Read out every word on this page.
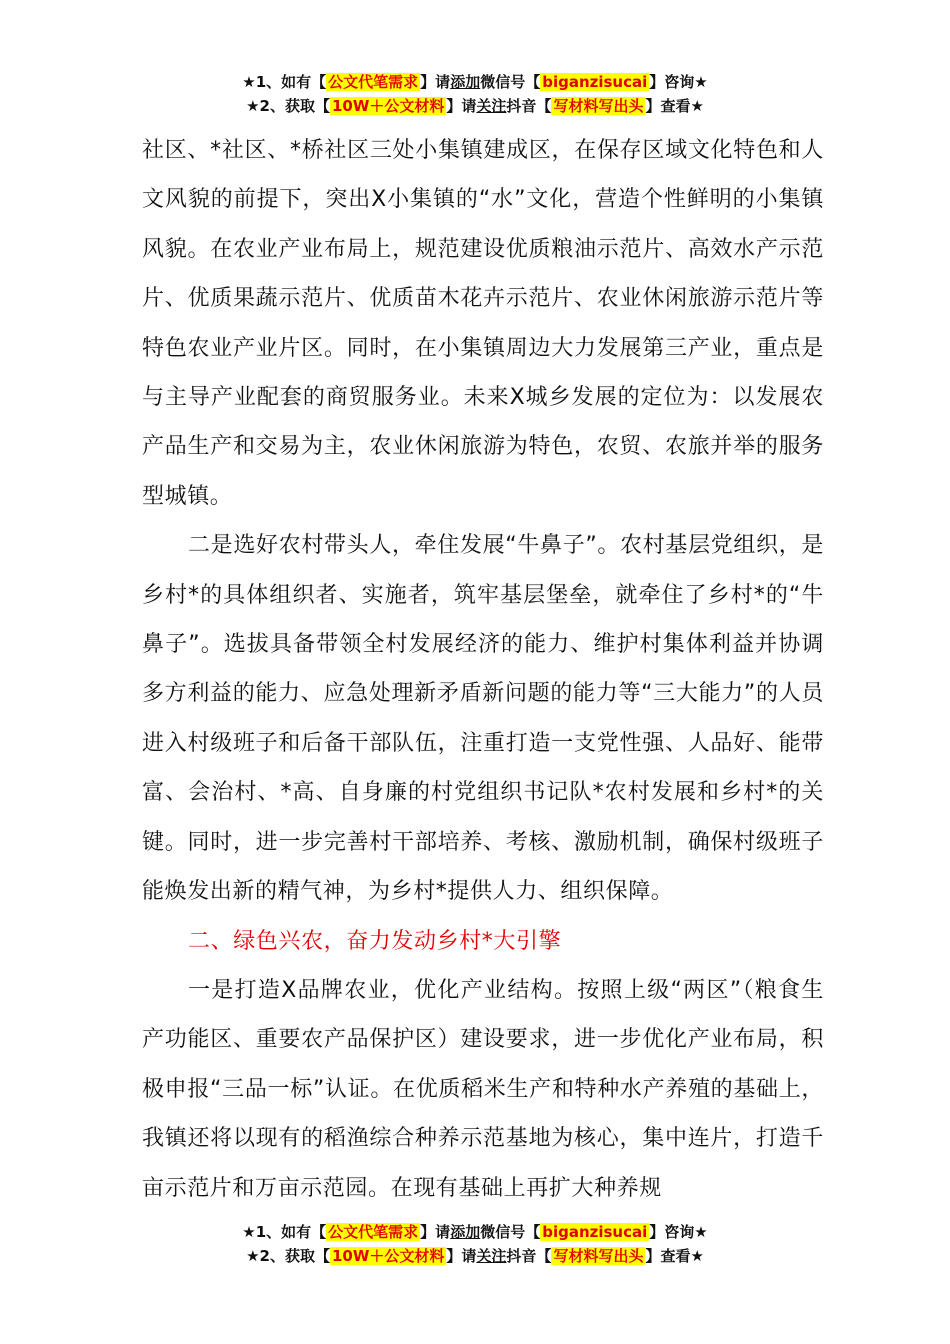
★1、如有【 公文代笔需求 】请添加微信号【 biganzisucai 】咨询★
★2、获取【 10W＋公文材料 】请关注抖音【 写材料写出头 】查看★

社区、*社区、*桥社区三处小集镇建成区，在保存区域文化特色和人文风貌的前提下，突出X小集镇的“水”文化，营造个性鲜明的小集镇风貌。在农业产业布局上，规范建设优质粮油示范片、高效水产示范片、优质果蔬示范片、优质苗木花卉示范片、农业休闲旅游示范片等特色农业产业片区。同时，在小集镇周边大力发展第三产业，重点是与主导产业配套的商贸服务业。未来X城乡发展的定位为：以发展农产品生产和交易为主，农业休闲旅游为特色，农贸、农旅并举的服务型城镇。

二是选好农村带头人，牵住发展“牛鼻子”。农村基层党组织，是乡村*的具体组织者、实施者，筑牢基层堡垒，就牵住了乡村*的“牛鼻子”。选拔具备带领全村发展经济的能力、维护村集体利益并协调多方利益的能力、应急处理新矛盾新问题的能力等“三大能力”的人员进入村级班子和后备干部队伍，注重打造一支党性强、人品好、能带富、会治村、*高、自身廉的村党组织书记队*农村发展和乡村*的关键。同时，进一步完善村干部培养、考核、激励机制，确保村级班子能焕发出新的精气神，为乡村*提供人力、组织保障。

二、绿色兴农，奋力发动乡村*大引擎

一是打造X品牌农业，优化产业结构。按照上级“两区”（粮食生产功能区、重要农产品保护区）建设要求，进一步优化产业布局，积极申报“三品一标”认证。在优质稻米生产和特种水产养殖的基础上，我镇还将以现有的稻渔综合种养示范基地为核心，集中连片，打造千亩示范片和万亩示范园。在现有基础上再扩大种养规

★1、如有【 公文代笔需求 】请添加微信号【 biganzisucai 】咨询★
★2、获取【 10W＋公文材料 】请关注抖音【 写材料写出头 】查看★
